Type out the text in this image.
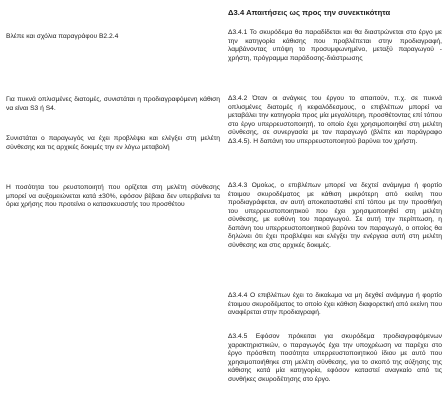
Δ3.4 Απαιτήσεις ως προς την συνεκτικότητα
Βλέπε και σχόλια παραγράφου Β2.2.4
Για πυκνά οπλισμένες διατομές, συνιστάται η προδιαγραφόμενη κάθιση να είναι S3 ή S4.
Συνιστάται ο παραγωγός να έχει προβλέψει και ελέγξει στη μελέτη σύνθεσης και τις αρχικές δοκιμές την εν λόγω μεταβολή
Η ποσότητα του ρευστοποιητή που ορίζεται στη μελέτη σύνθεσης μπορεί να αυξομειώνεται κατά ±30%, εφόσον βέβαια δεν υπερβαίνει τα όρια χρήσης που προτείνει ο κατασκευαστής του προσθέτου
Δ3.4.1 Το σκυρόδεμα θα παραδίδεται και θα διαστρώνεται στο έργο με την κατηγορία κάθισης που προβλέπεται στην προδιαγραφή, λαμβάνοντας υπόψη το προσυμφωνημένο, μεταξύ παραγωγού - χρήστη, πρόγραμμα παράδοσης-διάστρωσης
Δ3.4.2 Όταν οι ανάγκες του έργου το απαιτούν, π.χ. σε πυκνά οπλισμένες διατομές ή κεφαλόδεσμους, ο επιβλέπων μπορεί να μεταβάλει την κατηγορία προς μία μεγαλύτερη, προσθέτοντας επί τόπου στο έργο υπερρευστοποιητή, το οποίο έχει χρησιμοποιηθεί στη μελέτη σύνθεσης, σε συνεργασία με τον παραγωγό (βλέπε και παράγραφο Δ3.4.5). Η δαπάνη του υπερρευστοποιητού βαρύνει τον χρήστη.
Δ3.4.3 Ομοίως, ο επιβλέπων μπορεί να δεχτεί ανάμιγμα ή φορτίο έτοιμου σκυροδέματος με κάθιση μικρότερη από εκείνη που προδιαγράφεται, αν αυτή αποκατασταθεί επί τόπου με την προσθήκη του υπερρευστοποιητικού που έχει χρησιμοποιηθεί στη μελέτη σύνθεσης, με ευθύνη του παραγωγού. Σε αυτή την περίπτωση, η δαπάνη του υπερρευστοποιητικού βαρύνει τον παραγωγό, ο οποίος θα δηλώνει ότι έχει προβλέψει και ελέγξει την ενέργεια αυτή στη μελέτη σύνθεσης και στις αρχικές δοκιμές.
Δ3.4.4 Ο επιβλέπων έχει το δικαίωμα να μη δεχθεί ανάμιγμα ή φορτίο έτοιμου σκυροδέματος το οποίο έχει κάθιση διαφορετική από εκείνη που αναφέρεται στην προδιαγραφή.
Δ3.4.5 Εφόσον πρόκειται για σκυρόδεμα προδιαγραφόμενων χαρακτηριστικών, ο παραγωγός έχει την υποχρέωση να παρέχει στο έργο πρόσθετη ποσότητα υπερρευστοποιητικού ίδιου με αυτό που χρησιμοποιήθηκε στη μελέτη σύνθεσης, για το σκοπό της αύξησης της κάθισης κατά μία κατηγορία, εφόσον καταστεί αναγκαίο από τις συνθήκες σκυροδέτησης στο έργο.
